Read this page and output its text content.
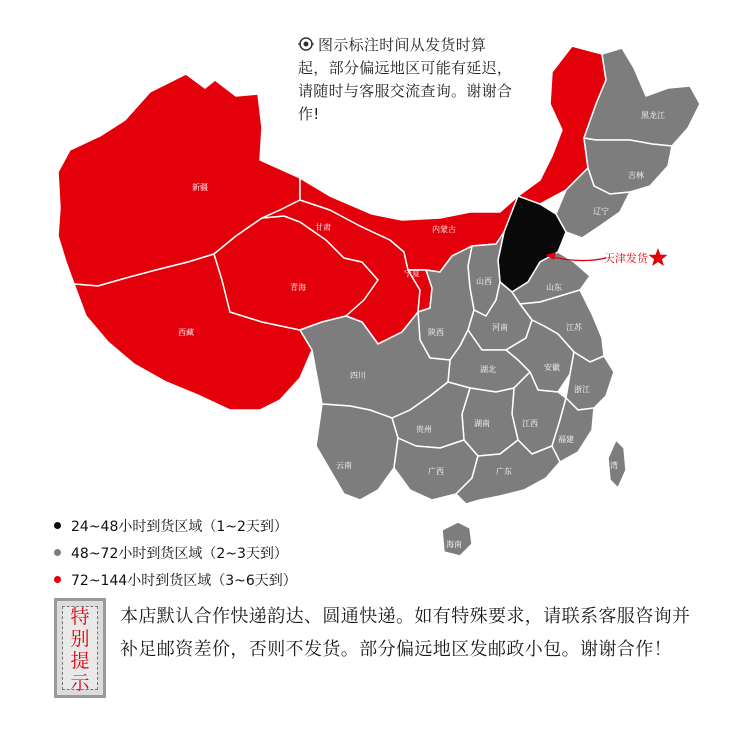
新疆
西藏
青海
甘肃	内蒙古
宁夏
黑龙江
吉林
辽宁
山西
山东
陕西
河南	江苏
四川
湖北	安徽
浙江
贵州
湖南	江西
福建
云南
广西	广东
台湾
海南
天津发货
图示标注时间从发货时算起，部分偏远地区可能有延迟，请随时与客服交流查询。谢谢合作!
24~48小时到货区域（1~2天到）
48~72小时到货区域（2~3天到）
72~144小时到货区域（3~6天到）
特别提示
本店默认合作快递韵达、圆通快递。如有特殊要求，请联系客服咨询并补足邮资差价，否则不发货。部分偏远地区发邮政小包。谢谢合作！
